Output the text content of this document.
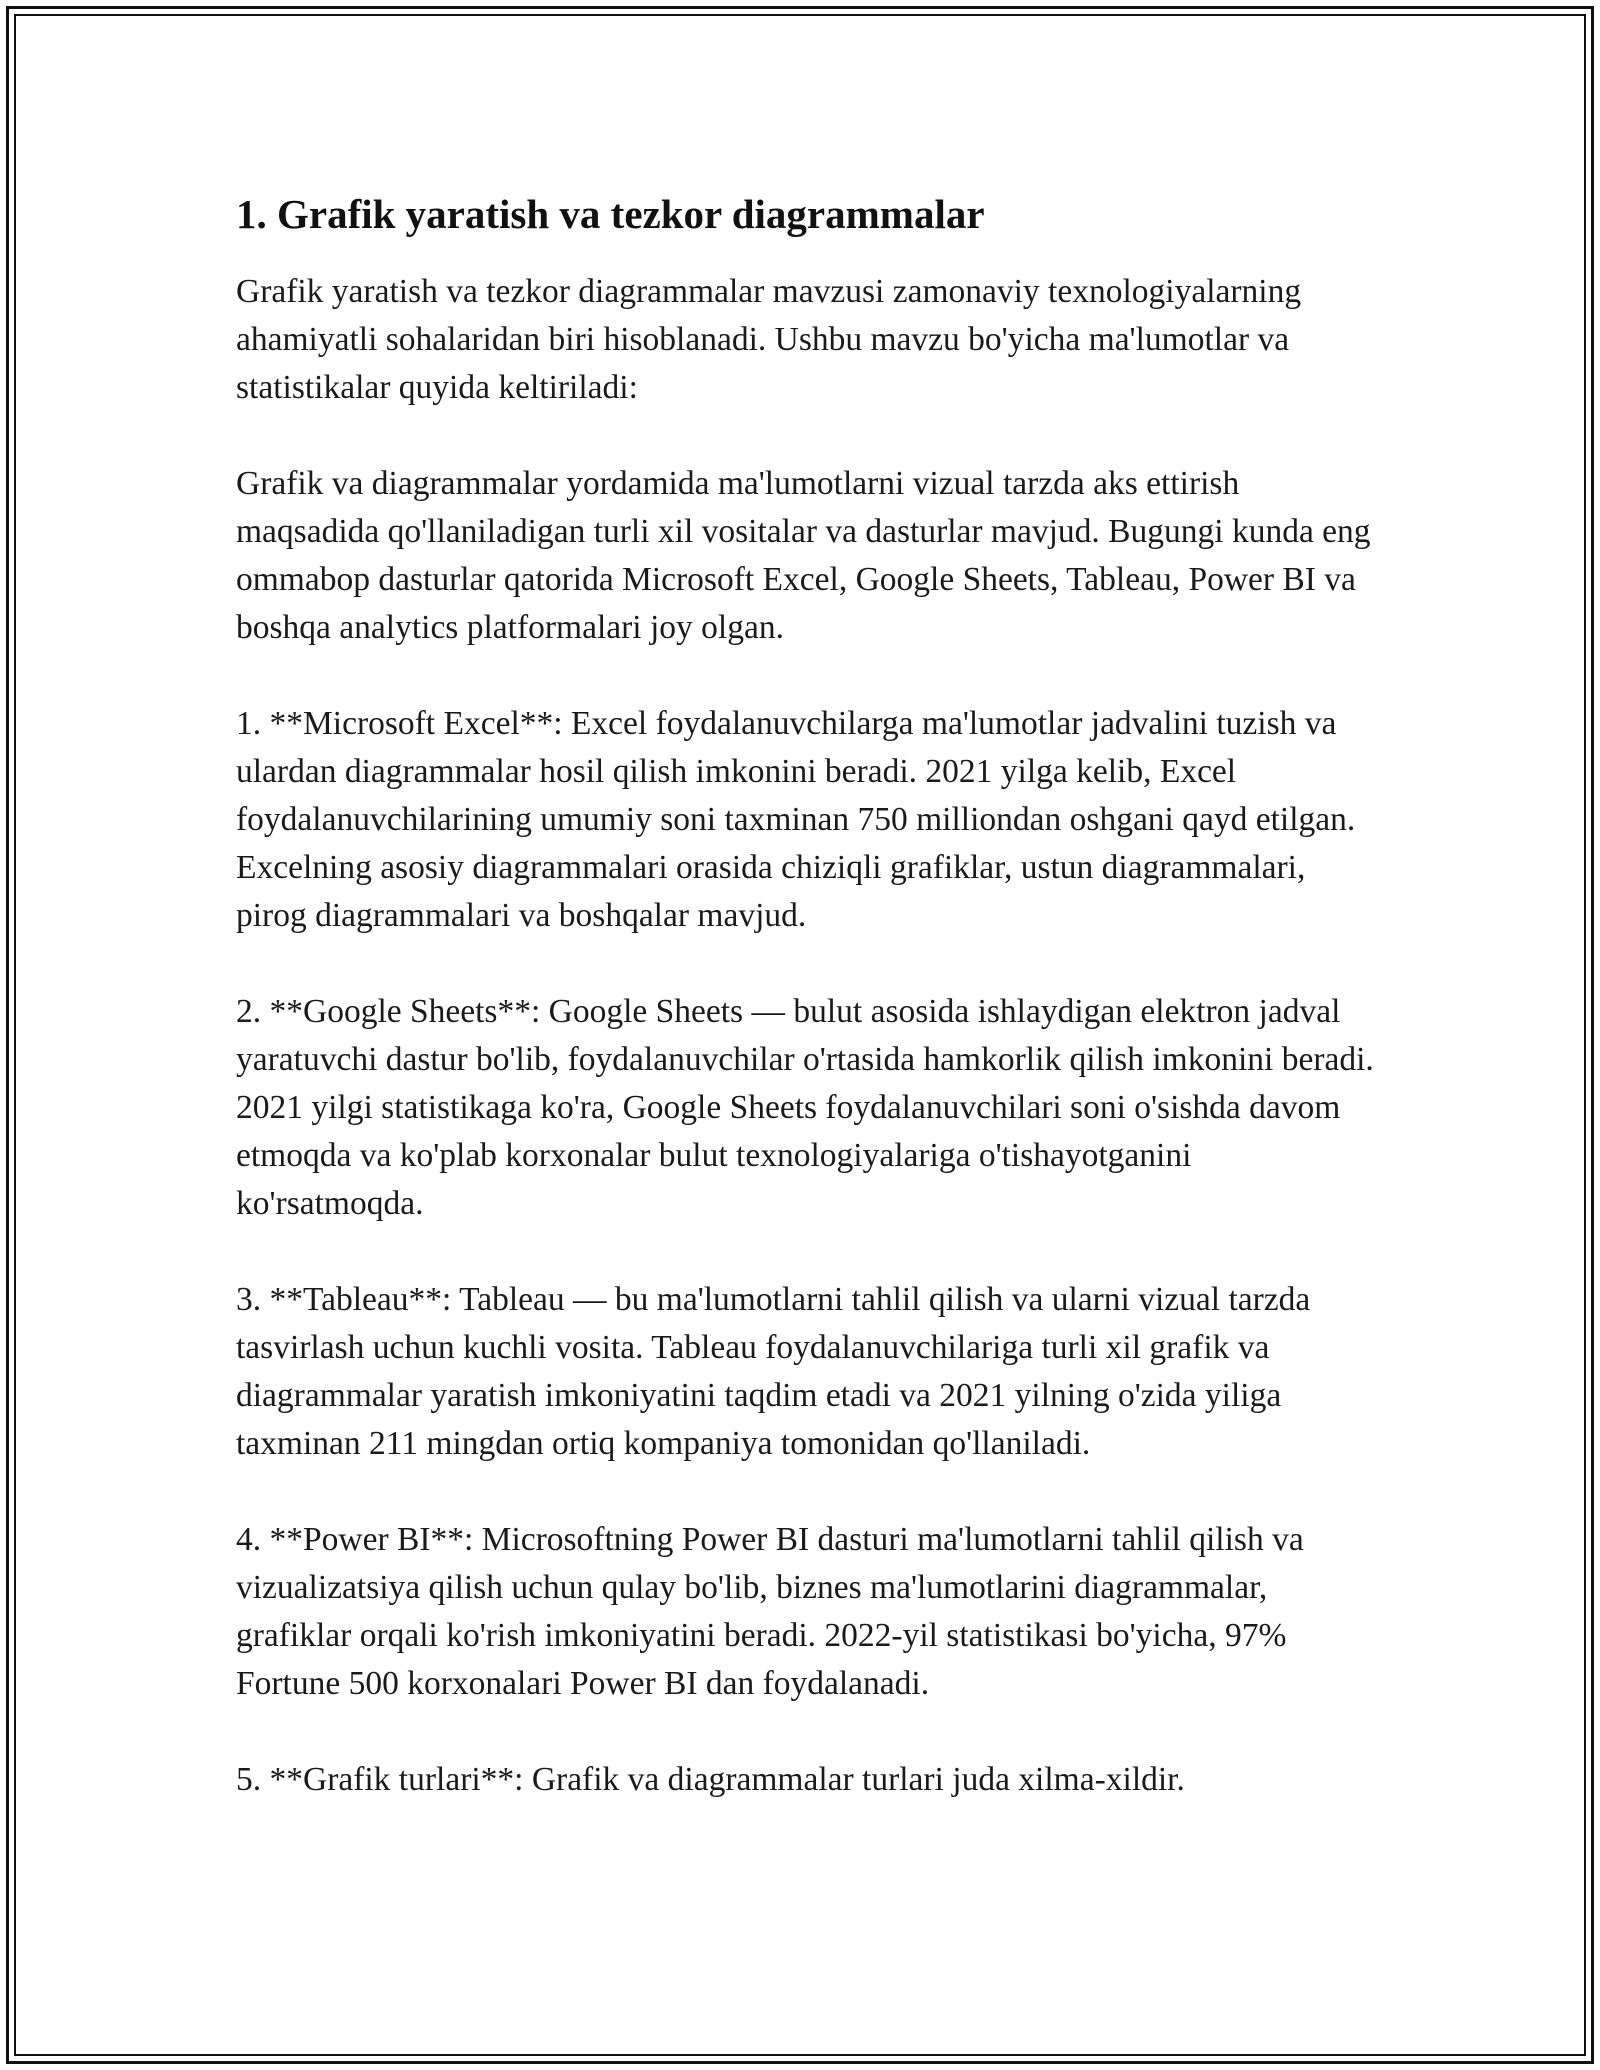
1. Grafik yaratish va tezkor diagrammalar

Grafik yaratish va tezkor diagrammalar mavzusi zamonaviy texnologiyalarning ahamiyatli sohalaridan biri hisoblanadi. Ushbu mavzu bo'yicha ma'lumotlar va statistikalar quyida keltiriladi:

Grafik va diagrammalar yordamida ma'lumotlarni vizual tarzda aks ettirish maqsadida qo'llaniladigan turli xil vositalar va dasturlar mavjud. Bugungi kunda eng ommabop dasturlar qatorida Microsoft Excel, Google Sheets, Tableau, Power BI va boshqa analytics platformalari joy olgan.

1. **Microsoft Excel**: Excel foydalanuvchilarga ma'lumotlar jadvalini tuzish va ulardan diagrammalar hosil qilish imkonini beradi. 2021 yilga kelib, Excel foydalanuvchilarining umumiy soni taxminan 750 milliondan oshgani qayd etilgan. Excelning asosiy diagrammalari orasida chiziqli grafiklar, ustun diagrammalari, pirog diagrammalari va boshqalar mavjud.

2. **Google Sheets**: Google Sheets — bulut asosida ishlaydigan elektron jadval yaratuvchi dastur bo'lib, foydalanuvchilar o'rtasida hamkorlik qilish imkonini beradi. 2021 yilgi statistikaga ko'ra, Google Sheets foydalanuvchilari soni o'sishda davom etmoqda va ko'plab korxonalar bulut texnologiyalariga o'tishayotganini ko'rsatmoqda.

3. **Tableau**: Tableau — bu ma'lumotlarni tahlil qilish va ularni vizual tarzda tasvirlash uchun kuchli vosita. Tableau foydalanuvchilariga turli xil grafik va diagrammalar yaratish imkoniyatini taqdim etadi va 2021 yilning o'zida yiliga taxminan 211 mingdan ortiq kompaniya tomonidan qo'llaniladi.

4. **Power BI**: Microsoftning Power BI dasturi ma'lumotlarni tahlil qilish va vizualizatsiya qilish uchun qulay bo'lib, biznes ma'lumotlarini diagrammalar, grafiklar orqali ko'rish imkoniyatini beradi. 2022-yil statistikasi bo'yicha, 97% Fortune 500 korxonalari Power BI dan foydalanadi.

5. **Grafik turlari**: Grafik va diagrammalar turlari juda xilma-xildir.
